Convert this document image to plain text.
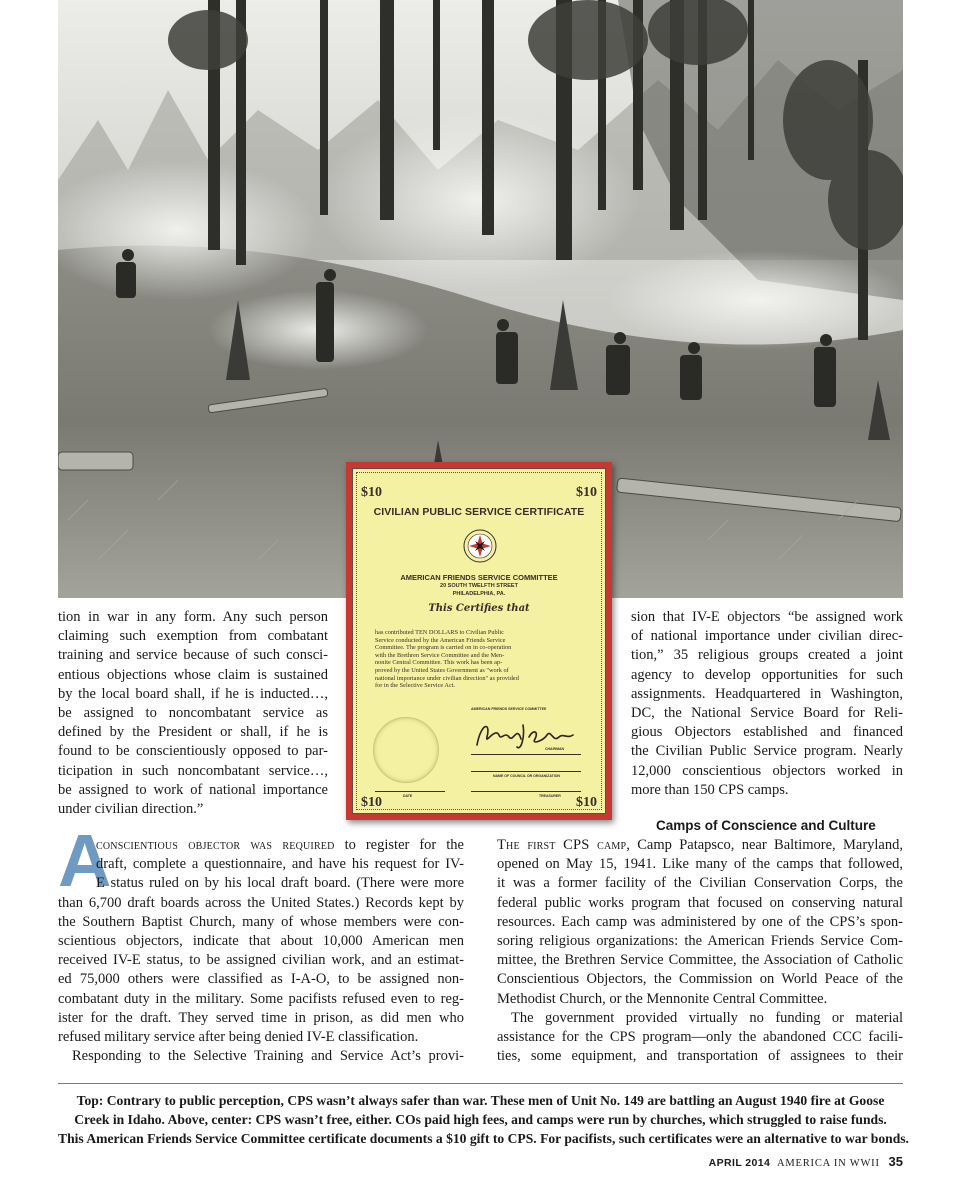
$10	$10
CIVILIAN PUBLIC SERVICE CERTIFICATE
AMERICAN FRIENDS SERVICE COMMITTEE
20 SOUTH TWELFTH STREET
PHILADELPHIA, PA.
This Certifies that
has contributed TEN DOLLARS to Civilian Public
Service conducted by the American Friends Service
Committee. The program is carried on in co-operation
with the Brethren Service Committee and the Men-
nonite Central Committee. This work has been ap-
proved by the United States Government as "work of
national importance under civilian direction" as provided
for in the Selective Service Act.
AMERICAN FRIENDS SERVICE COMMITTEE
CHAIRMAN
NAME OF COUNCIL OR ORGANIZATION
DATE	TREASURER
$10	$10
tion in war in any form. Any such person
claiming such exemption from combatant
training and service because of such consci-
entious objections whose claim is sustained
by the local board shall, if he is inducted…,
be assigned to noncombatant service as
defined by the President or shall, if he is
found to be conscientiously opposed to par-
ticipation in such noncombatant service…,
be assigned to work of national importance
under civilian direction.”
sion that IV-E objectors “be assigned work
of national importance under civilian direc-
tion,” 35 religious groups created a joint
agency to develop opportunities for such
assignments. Headquartered in Washington,
DC, the National Service Board for Reli-
gious Objectors established and financed
the Civilian Public Service program. Nearly
12,000 conscientious objectors worked in
more than 150 CPS camps.
Camps of Conscience and Culture
A
conscientious objector was required to register for the
draft, complete a questionnaire, and have his request for IV-
E status ruled on by his local draft board. (There were more
than 6,700 draft boards across the United States.) Records kept by
the Southern Baptist Church, many of whose members were con-
scientious objectors, indicate that about 10,000 American men
received IV-E status, to be assigned civilian work, and an estimat-
ed 75,000 others were classified as I-A-O, to be assigned non-
combatant duty in the military. Some pacifists refused even to reg-
ister for the draft. They served time in prison, as did men who
refused military service after being denied IV-E classification.
Responding to the Selective Training and Service Act’s provi-
The first CPS camp, Camp Patapsco, near Baltimore, Maryland,
opened on May 15, 1941. Like many of the camps that followed,
it was a former facility of the Civilian Conservation Corps, the
federal public works program that focused on conserving natural
resources. Each camp was administered by one of the CPS’s spon-
soring religious organizations: the American Friends Service Com-
mittee, the Brethren Service Committee, the Association of Catholic
Conscientious Objectors, the Commission on World Peace of the
Methodist Church, or the Mennonite Central Committee.
The government provided virtually no funding or material
assistance for the CPS program—only the abandoned CCC facili-
ties, some equipment, and transportation of assignees to their
Top: Contrary to public perception, CPS wasn’t always safer than war. These men of Unit No. 149 are battling an August 1940 fire at Goose
Creek in Idaho. Above, center: CPS wasn’t free, either. COs paid high fees, and camps were run by churches, which struggled to raise funds.
This American Friends Service Committee certificate documents a $10 gift to CPS. For pacifists, such certificates were an alternative to war bonds.
APRIL 2014 AMERICA IN WWII 35
